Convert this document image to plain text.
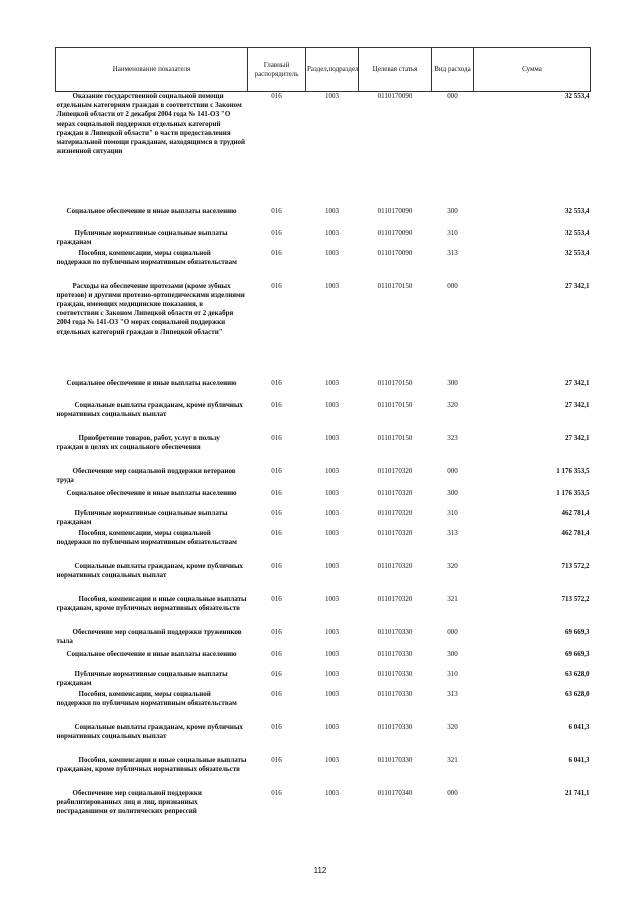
Наименование показателя	Главный распорядитель	Раздел,подраздел	Целевая статья	Вид расхода	Сумма
Оказание государственной социальной помощи отдельным категориям граждан в соответствии с Законом Липецкой области от 2 декабря 2004 года № 141-ОЗ "О мерах социальной поддержки отдельных категорий граждан в Липецкой области" в части предоставления материальной помощи гражданам, находящимся в трудной жизненной ситуации	016	1003	0110170090	000	32 553,4
Социальное обеспечение и иные выплаты населению	016	1003	0110170090	300	32 553,4
Публичные нормативные социальные выплаты гражданам	016	1003	0110170090	310	32 553,4
Пособия, компенсации, меры социальной поддержки по публичным нормативным обязательствам	016	1003	0110170090	313	32 553,4
Расходы на обеспечение протезами (кроме зубных протезов) и другими протезно-ортопедическими изделиями граждан, имеющих медицинские показания, в соответствии с Законом Липецкой области от 2 декабря 2004 года № 141-ОЗ "О мерах социальной поддержки отдельных категорий граждан в Липецкой области"	016	1003	0110170150	000	27 342,1
Социальное обеспечение и иные выплаты населению	016	1003	0110170150	300	27 342,1
Социальные выплаты гражданам, кроме публичных нормативных социальных выплат	016	1003	0110170150	320	27 342,1
Приобретение товаров, работ, услуг в пользу граждан в целях их социального обеспечения	016	1003	0110170150	323	27 342,1
Обеспечение мер социальной поддержки ветеранов труда	016	1003	0110170320	000	1 176 353,5
Социальное обеспечение и иные выплаты населению	016	1003	0110170320	300	1 176 353,5
Публичные нормативные социальные выплаты гражданам	016	1003	0110170320	310	462 781,4
Пособия, компенсации, меры социальной поддержки по публичным нормативным обязательствам	016	1003	0110170320	313	462 781,4
Социальные выплаты гражданам, кроме публичных нормативных социальных выплат	016	1003	0110170320	320	713 572,2
Пособия, компенсации и иные социальные выплаты гражданам, кроме публичных нормативных обязательств	016	1003	0110170320	321	713 572,2
Обеспечение мер социальной поддержки тружеников тыла	016	1003	0110170330	000	69 669,3
Социальное обеспечение и иные выплаты населению	016	1003	0110170330	300	69 669,3
Публичные нормативные социальные выплаты гражданам	016	1003	0110170330	310	63 628,0
Пособия, компенсации, меры социальной поддержки по публичным нормативным обязательствам	016	1003	0110170330	313	63 628,0
Социальные выплаты гражданам, кроме публичных нормативных социальных выплат	016	1003	0110170330	320	6 041,3
Пособия, компенсации и иные социальные выплаты гражданам, кроме публичных нормативных обязательств	016	1003	0110170330	321	6 041,3
Обеспечение мер социальной поддержки реабилитированных лиц и лиц, признанных пострадавшими от политических репрессий	016	1003	0110170340	000	21 741,1
112
